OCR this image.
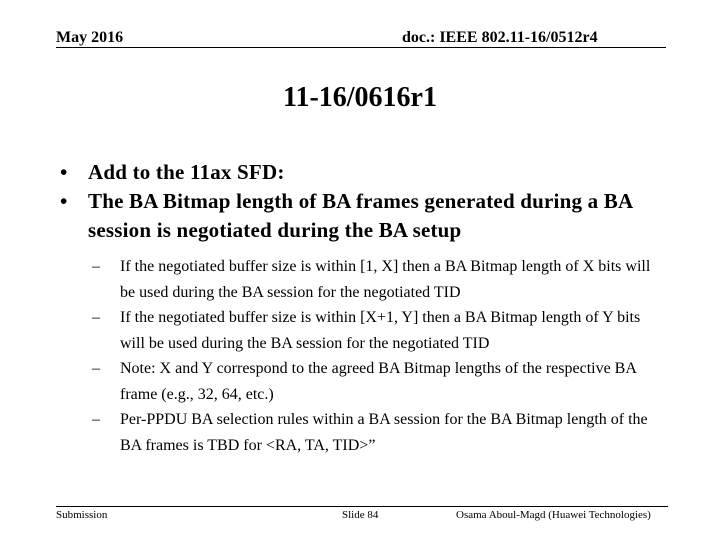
May 2016	doc.: IEEE 802.11-16/0512r4
11-16/0616r1
• Add to the 11ax SFD:
• The BA Bitmap length of BA frames generated during a BA session is negotiated during the BA setup
– If the negotiated buffer size is within [1, X] then a BA Bitmap length of X bits will be used during the BA session for the negotiated TID
– If the negotiated buffer size is within [X+1, Y] then a BA Bitmap length of Y bits will be used during the BA session for the negotiated TID
– Note: X and Y correspond to the agreed BA Bitmap lengths of the respective BA frame (e.g., 32, 64, etc.)
– Per-PPDU BA selection rules within a BA session for the BA Bitmap length of the BA frames is TBD for <RA, TA, TID>”
Submission	Slide 84	Osama Aboul-Magd (Huawei Technologies)
